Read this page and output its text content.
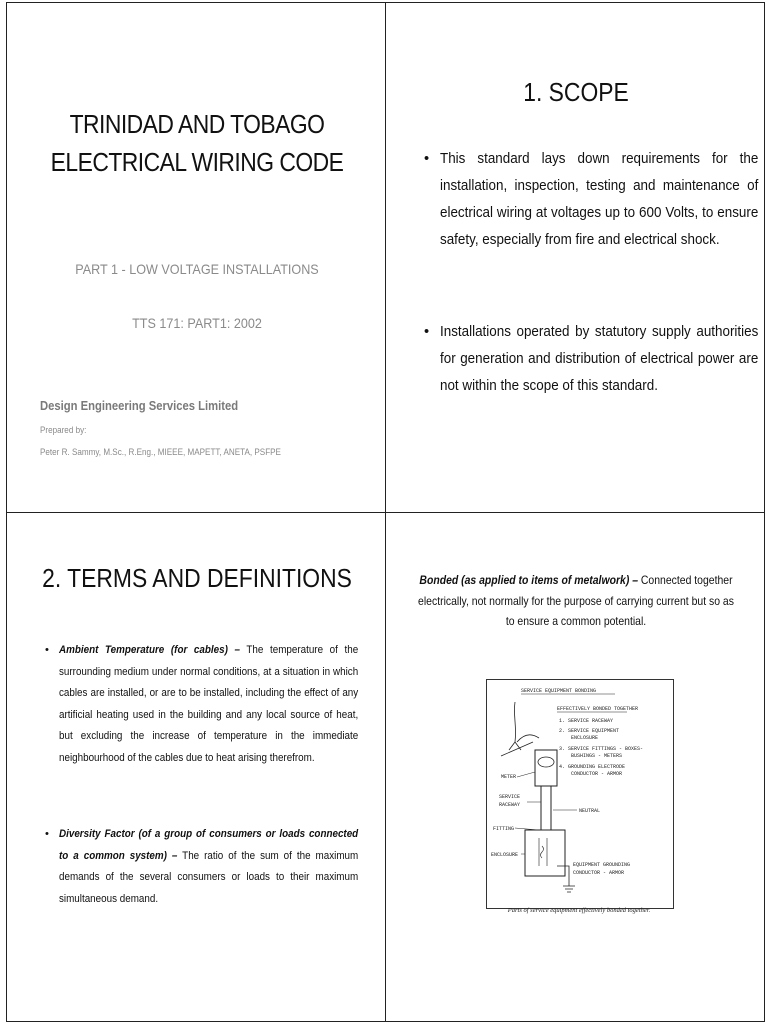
TRINIDAD AND TOBAGO
ELECTRICAL WIRING CODE
PART 1 - LOW VOLTAGE INSTALLATIONS
TTS 171: PART1: 2002
Design Engineering Services Limited
Prepared by:
Peter R. Sammy, M.Sc., R.Eng., MIEEE, MAPETT, ANETA, PSFPE
1. SCOPE
• This standard lays down requirements for the installation, inspection, testing and maintenance of electrical wiring at voltages up to 600 Volts, to ensure safety, especially from fire and electrical shock.
• Installations operated by statutory supply authorities for generation and distribution of electrical power are not within the scope of this standard.
2. TERMS AND DEFINITIONS
• Ambient Temperature (for cables) – The temperature of the surrounding medium under normal conditions, at a situation in which cables are installed, or are to be installed, including the effect of any artificial heating used in the building and any local source of heat, but excluding the increase of temperature in the immediate neighbourhood of the cables due to heat arising therefrom.
• Diversity Factor (of a group of consumers or loads connected to a common system) – The ratio of the sum of the maximum demands of the several consumers or loads to their maximum simultaneous demand.
Bonded (as applied to items of metalwork) – Connected together electrically, not normally for the purpose of carrying current but so as to ensure a common potential.
SERVICE EQUIPMENT BONDING
EFFECTIVELY BONDED TOGETHER
1. SERVICE RACEWAY
2. SERVICE EQUIPMENT
ENCLOSURE
3. SERVICE FITTINGS - BOXES-
BUSHINGS - METERS
4. GROUNDING ELECTRODE
CONDUCTOR - ARMOR
METER
SERVICE
RACEWAY
NEUTRAL
FITTING
ENCLOSURE
EQUIPMENT GROUNDING
CONDUCTOR - ARMOR
Parts of service equipment effectively bonded together.
